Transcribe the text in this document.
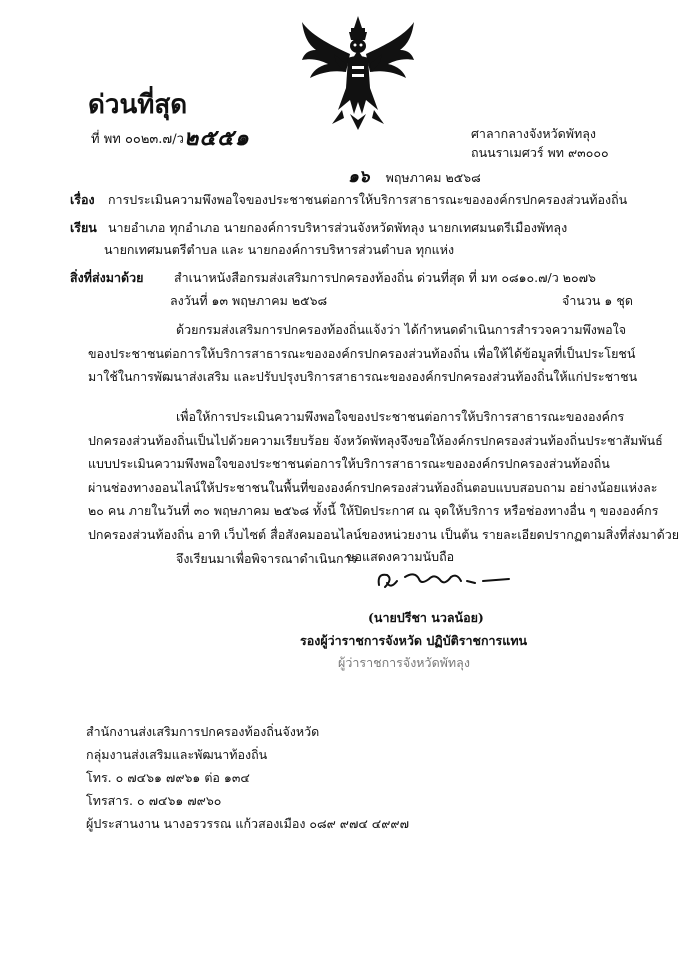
ด่วนที่สุด
ที่ พท ๐๐๒๓.๗/ว๒๕๕๑	ศาลากลางจังหวัดพัทลุง
ถนนราเมศวร์ พท ๙๓๐๐๐
๑๖ พฤษภาคม ๒๕๖๘
เรื่อง การประเมินความพึงพอใจของประชาชนต่อการให้บริการสาธารณะขององค์กรปกครองส่วนท้องถิ่น
เรียน นายอำเภอ ทุกอำเภอ นายกองค์การบริหารส่วนจังหวัดพัทลุง นายกเทศมนตรีเมืองพัทลุง
นายกเทศมนตรีตำบล และ นายกองค์การบริหารส่วนตำบล ทุกแห่ง
สิ่งที่ส่งมาด้วย สำเนาหนังสือกรมส่งเสริมการปกครองท้องถิ่น ด่วนที่สุด ที่ มท ๐๘๑๐.๗/ว ๒๐๗๖
ลงวันที่ ๑๓ พฤษภาคม ๒๕๖๘	จำนวน ๑ ชุด
ด้วยกรมส่งเสริมการปกครองท้องถิ่นแจ้งว่า ได้กำหนดดำเนินการสำรวจความพึงพอใจ
ของประชาชนต่อการให้บริการสาธารณะขององค์กรปกครองส่วนท้องถิ่น เพื่อให้ได้ข้อมูลที่เป็นประโยชน์
มาใช้ในการพัฒนาส่งเสริม และปรับปรุงบริการสาธารณะขององค์กรปกครองส่วนท้องถิ่นให้แก่ประชาชน
เพื่อให้การประเมินความพึงพอใจของประชาชนต่อการให้บริการสาธารณะขององค์กร
ปกครองส่วนท้องถิ่นเป็นไปด้วยความเรียบร้อย จังหวัดพัทลุงจึงขอให้องค์กรปกครองส่วนท้องถิ่นประชาสัมพันธ์
แบบประเมินความพึงพอใจของประชาชนต่อการให้บริการสาธารณะขององค์กรปกครองส่วนท้องถิ่น
ผ่านช่องทางออนไลน์ให้ประชาชนในพื้นที่ขององค์กรปกครองส่วนท้องถิ่นตอบแบบสอบถาม อย่างน้อยแห่งละ
๒๐ คน ภายในวันที่ ๓๐ พฤษภาคม ๒๕๖๘ ทั้งนี้ ให้ปิดประกาศ ณ จุดให้บริการ หรือช่องทางอื่น ๆ ขององค์กร
ปกครองส่วนท้องถิ่น อาทิ เว็บไซต์ สื่อสังคมออนไลน์ของหน่วยงาน เป็นต้น รายละเอียดปรากฏตามสิ่งที่ส่งมาด้วย
จึงเรียนมาเพื่อพิจารณาดำเนินการ
ขอแสดงความนับถือ
(นายปรีชา นวลน้อย)
รองผู้ว่าราชการจังหวัด ปฏิบัติราชการแทน
ผู้ว่าราชการจังหวัดพัทลุง
สำนักงานส่งเสริมการปกครองท้องถิ่นจังหวัด
กลุ่มงานส่งเสริมและพัฒนาท้องถิ่น
โทร. ๐ ๗๔๖๑ ๗๙๖๑ ต่อ ๑๓๔
โทรสาร. ๐ ๗๔๖๑ ๗๙๖๐
ผู้ประสานงาน นางอรวรรณ แก้วสองเมือง ๐๘๙ ๙๗๔ ๔๙๙๗
